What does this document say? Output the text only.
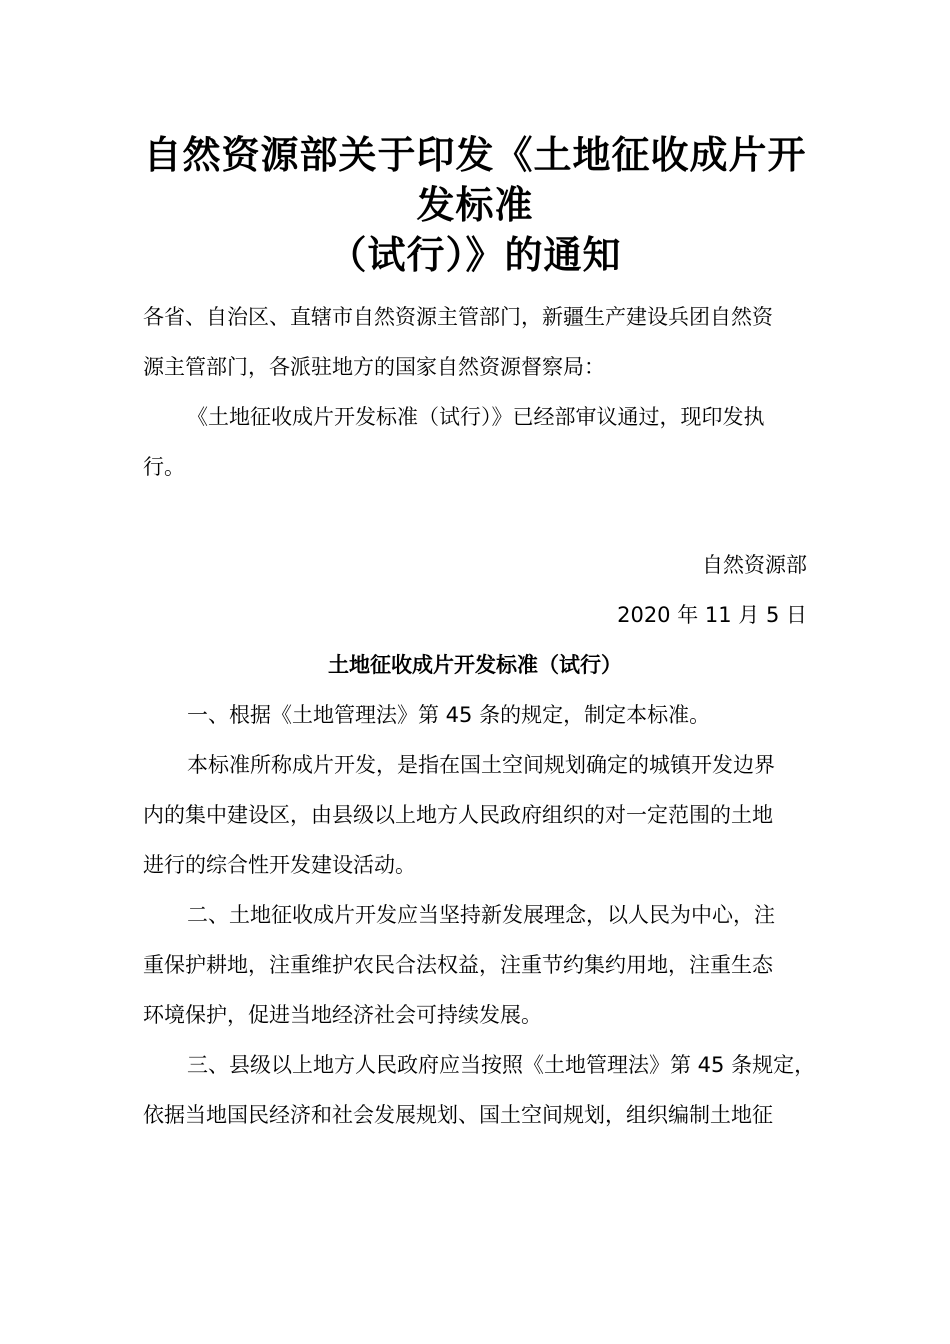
自然资源部关于印发《土地征收成片开
发标准
（试行）》的通知
各省、自治区、直辖市自然资源主管部门，新疆生产建设兵团自然资
源主管部门，各派驻地方的国家自然资源督察局：
《土地征收成片开发标准（试行）》已经部审议通过，现印发执
行。
自然资源部
2020 年 11 月 5 日
土地征收成片开发标准（试行）
一、根据《土地管理法》第 45 条的规定，制定本标准。
本标准所称成片开发，是指在国土空间规划确定的城镇开发边界
内的集中建设区，由县级以上地方人民政府组织的对一定范围的土地
进行的综合性开发建设活动。
二、土地征收成片开发应当坚持新发展理念，以人民为中心，注
重保护耕地，注重维护农民合法权益，注重节约集约用地，注重生态
环境保护，促进当地经济社会可持续发展。
三、县级以上地方人民政府应当按照《土地管理法》第 45 条规定，
依据当地国民经济和社会发展规划、国土空间规划，组织编制土地征
